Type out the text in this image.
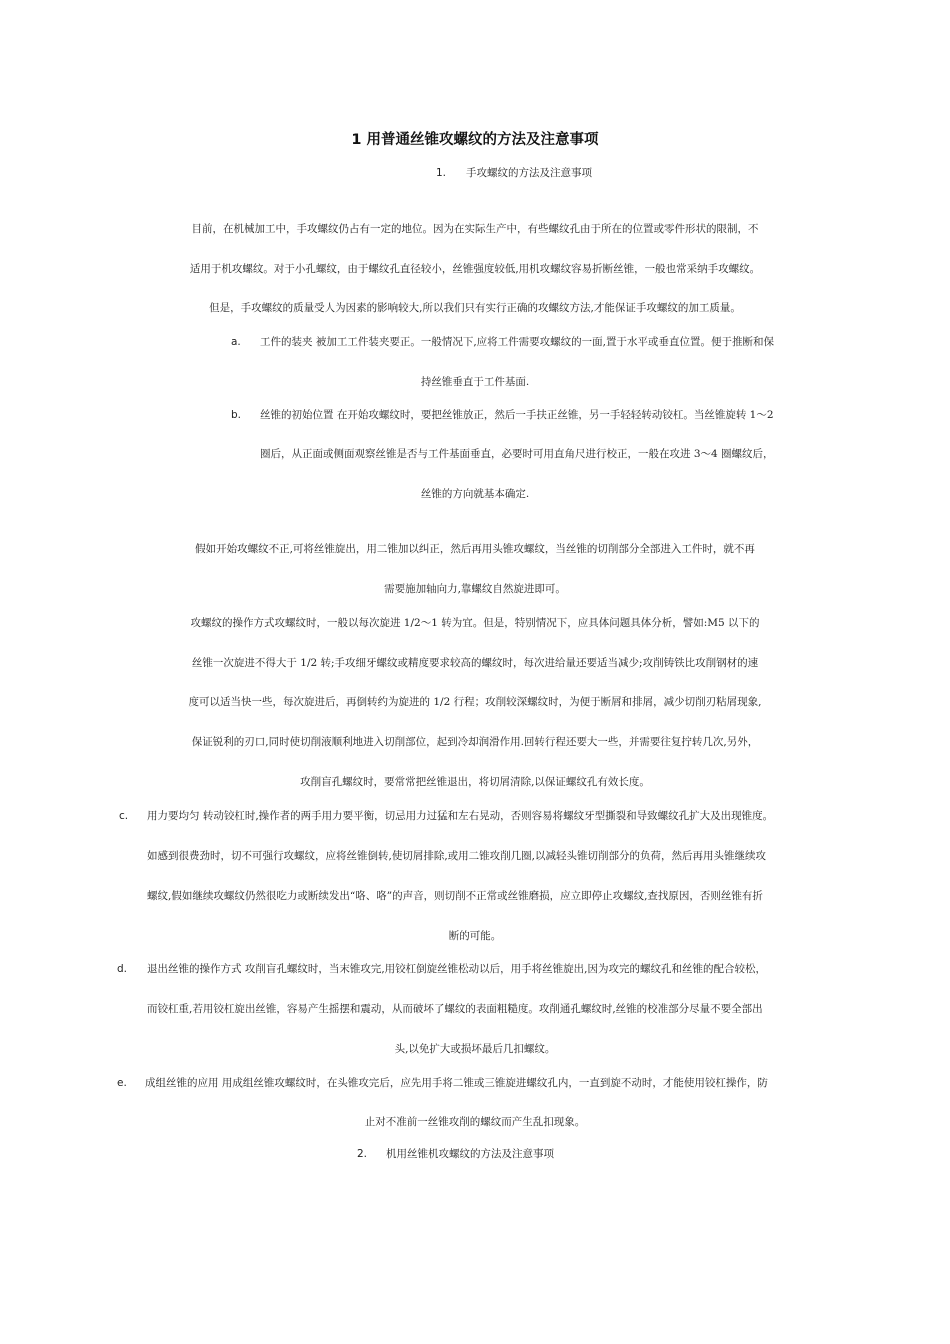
1 用普通丝锥攻螺纹的方法及注意事项
1. 手攻螺纹的方法及注意事项
目前，在机械加工中，手攻螺纹仍占有一定的地位。因为在实际生产中，有些螺纹孔由于所在的位置或零件形状的限制，不
适用于机攻螺纹。对于小孔螺纹，由于螺纹孔直径较小，丝锥强度较低,用机攻螺纹容易折断丝锥，一般也常采纳手攻螺纹。
但是，手攻螺纹的质量受人为因素的影响较大,所以我们只有实行正确的攻螺纹方法,才能保证手攻螺纹的加工质量。
a. 工件的装夹 被加工工件装夹要正。一般情况下,应将工件需要攻螺纹的一面,置于水平或垂直位置。便于推断和保
持丝锥垂直于工件基面.
b. 丝锥的初始位置 在开始攻螺纹时，要把丝锥放正，然后一手扶正丝锥，另一手轻轻转动铰杠。当丝锥旋转 1～2
圈后，从正面或侧面观察丝锥是否与工件基面垂直，必要时可用直角尺进行校正，一般在攻进 3～4 圈螺纹后，
丝锥的方向就基本确定.
假如开始攻螺纹不正,可将丝锥旋出，用二锥加以纠正，然后再用头锥攻螺纹，当丝锥的切削部分全部进入工件时，就不再
需要施加轴向力,靠螺纹自然旋进即可。
攻螺纹的操作方式攻螺纹时，一般以每次旋进 1/2～1 转为宜。但是，特别情况下，应具体问题具体分析，譬如:M5 以下的
丝锥一次旋进不得大于 1/2 转;手攻细牙螺纹或精度要求较高的螺纹时，每次进给量还要适当减少;攻削铸铁比攻削钢材的速
度可以适当快一些，每次旋进后，再倒转约为旋进的 1/2 行程；攻削较深螺纹时，为便于断屑和排屑，减少切削刃粘屑现象,
保证锐利的刃口,同时使切削液顺利地进入切削部位，起到冷却润滑作用.回转行程还要大一些，并需要往复拧转几次,另外，
攻削盲孔螺纹时，要常常把丝锥退出，将切屑清除,以保证螺纹孔有效长度。
c. 用力要均匀 转动铰杠时,操作者的两手用力要平衡，切忌用力过猛和左右晃动，否则容易将螺纹牙型撕裂和导致螺纹孔扩大及出现锥度。
如感到很费劲时，切不可强行攻螺纹，应将丝锥倒转,使切屑排除,或用二锥攻削几圈,以减轻头锥切削部分的负荷，然后再用头锥继续攻
螺纹,假如继续攻螺纹仍然很吃力或断续发出“咯、咯”的声音，则切削不正常或丝锥磨损，应立即停止攻螺纹,查找原因，否则丝锥有折
断的可能。
d. 退出丝锥的操作方式 攻削盲孔螺纹时，当末锥攻完,用铰杠倒旋丝锥松动以后，用手将丝锥旋出,因为攻完的螺纹孔和丝锥的配合较松，
而铰杠重,若用铰杠旋出丝锥，容易产生摇摆和震动，从而破坏了螺纹的表面粗糙度。攻削通孔螺纹时,丝锥的校准部分尽量不要全部出
头,以免扩大或损坏最后几扣螺纹。
e. 成组丝锥的应用 用成组丝锥攻螺纹时，在头锥攻完后，应先用手将二锥或三锥旋进螺纹孔内，一直到旋不动时，才能使用铰杠操作，防
止对不准前一丝锥攻削的螺纹而产生乱扣现象。
2. 机用丝锥机攻螺纹的方法及注意事项
